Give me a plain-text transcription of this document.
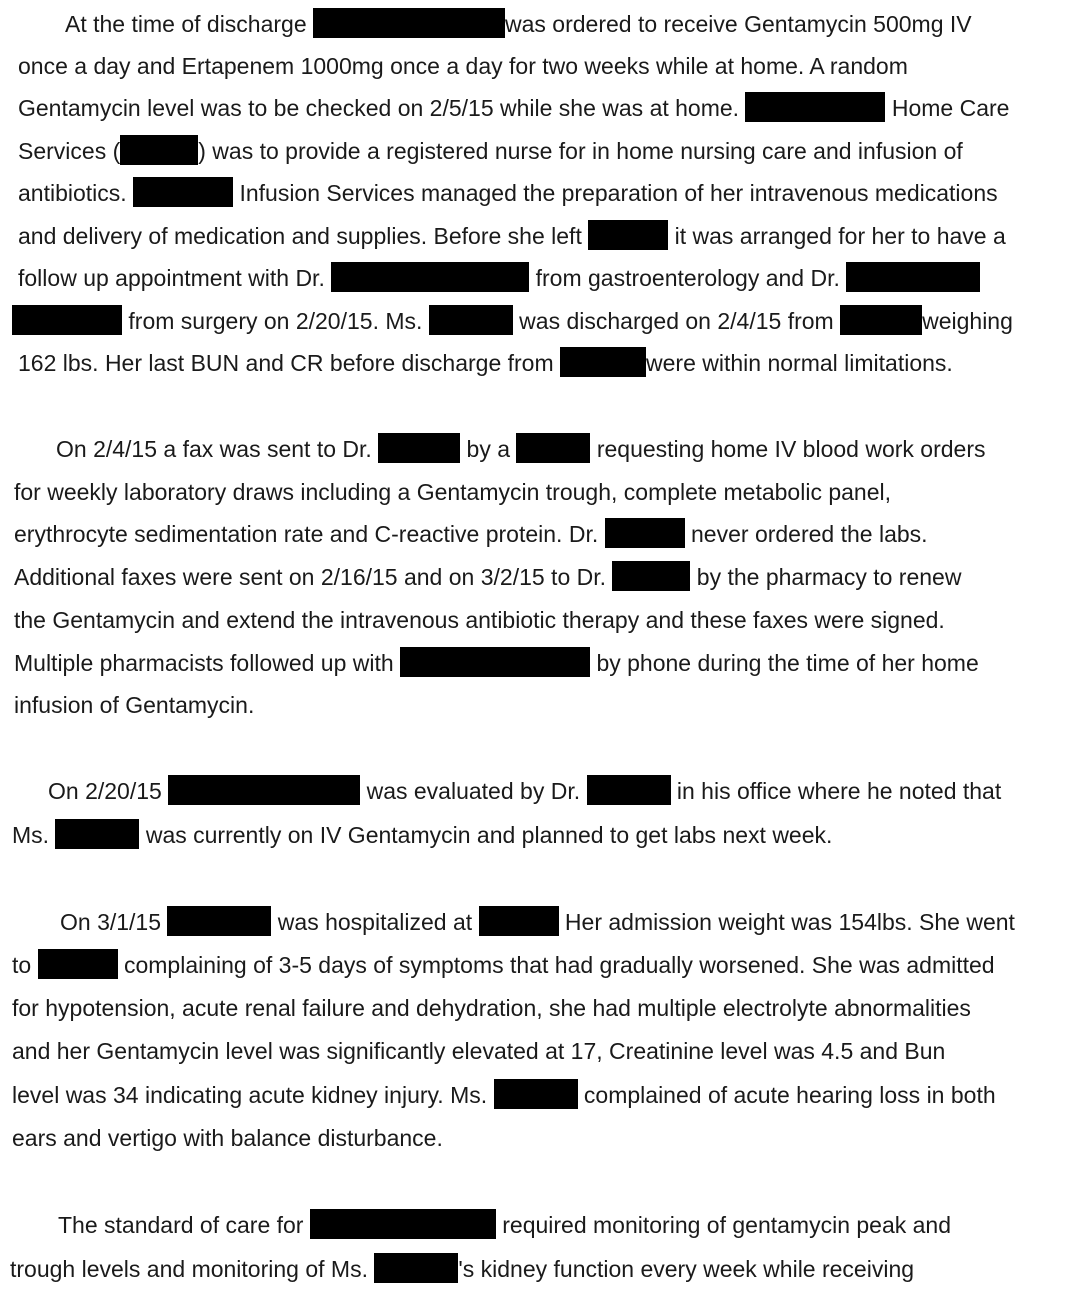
At the time of discharge	was ordered to receive Gentamycin 500mg IV
once a day and Ertapenem 1000mg once a day for two weeks while at home. A random
Gentamycin level was to be checked on 2/5/15 while she was at home.	Home Care
Services (	) was to provide a registered nurse for in home nursing care and infusion of
antibiotics.	Infusion Services managed the preparation of her intravenous medications
and delivery of medication and supplies. Before she left	it was arranged for her to have a
follow up appointment with Dr.	from gastroenterology and Dr.
from surgery on 2/20/15. Ms.	was discharged on 2/4/15 from	weighing
162 lbs. Her last BUN and CR before discharge from	were within normal limitations.
On 2/4/15 a fax was sent to Dr.	by a	requesting home IV blood work orders
for weekly laboratory draws including a Gentamycin trough, complete metabolic panel,
erythrocyte sedimentation rate and C-reactive protein. Dr.	never ordered the labs.
Additional faxes were sent on 2/16/15 and on 3/2/15 to Dr.	by the pharmacy to renew
the Gentamycin and extend the intravenous antibiotic therapy and these faxes were signed.
Multiple pharmacists followed up with	by phone during the time of her home
infusion of Gentamycin.
On 2/20/15	was evaluated by Dr.	in his office where he noted that
Ms.	was currently on IV Gentamycin and planned to get labs next week.
On 3/1/15	was hospitalized at	Her admission weight was 154lbs. She went
to	complaining of 3-5 days of symptoms that had gradually worsened. She was admitted
for hypotension, acute renal failure and dehydration, she had multiple electrolyte abnormalities
and her Gentamycin level was significantly elevated at 17, Creatinine level was 4.5 and Bun
level was 34 indicating acute kidney injury. Ms.	complained of acute hearing loss in both
ears and vertigo with balance disturbance.
The standard of care for	required monitoring of gentamycin peak and
trough levels and monitoring of Ms.	's kidney function every week while receiving
